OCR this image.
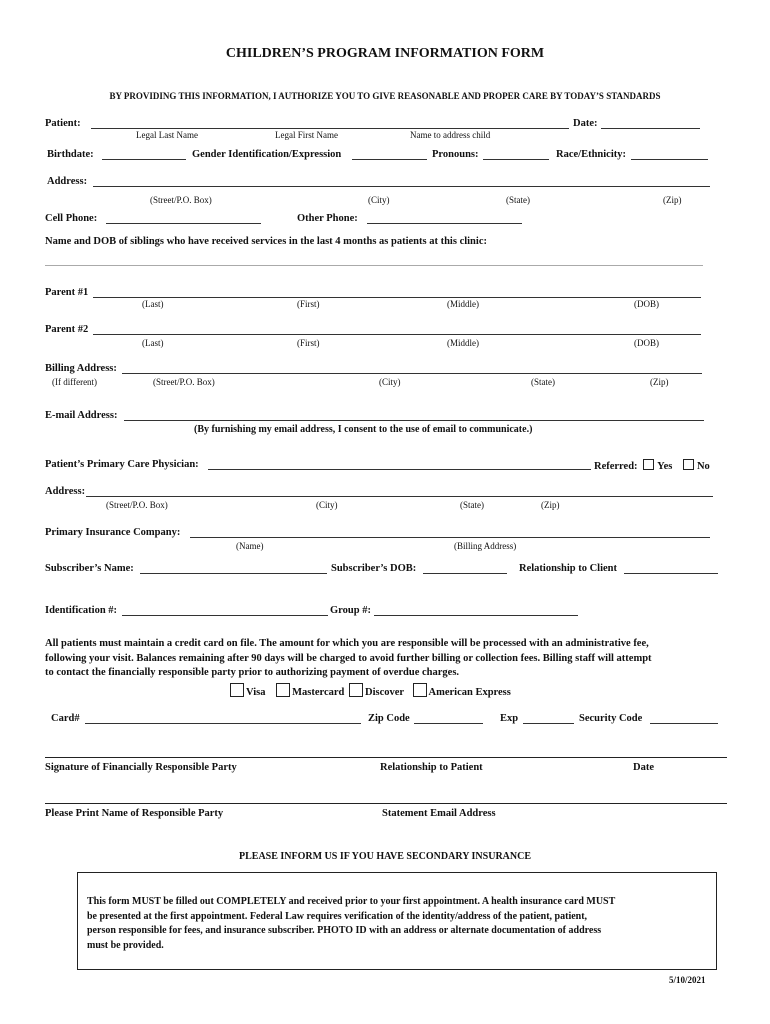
CHILDREN’S PROGRAM INFORMATION FORM
BY PROVIDING THIS INFORMATION, I AUTHORIZE YOU TO GIVE REASONABLE AND PROPER CARE BY TODAY’S STANDARDS
Patient:	Date:
Legal Last Name	Legal First Name	Name to address child
Birthdate:	Gender Identification/Expression	Pronouns:	Race/Ethnicity:
Address:
(Street/P.O. Box)	(City)	(State)	(Zip)
Cell Phone:	Other Phone:
Name and DOB of siblings who have received services in the last 4 months as patients at this clinic:
Parent #1
(Last)	(First)	(Middle)	(DOB)
Parent #2
(Last)	(First)	(Middle)	(DOB)
Billing Address:
(If different)	(Street/P.O. Box)	(City)	(State)	(Zip)
E-mail Address:
(By furnishing my email address, I consent to the use of email to communicate.)
Patient’s Primary Care Physician:	Referred: Yes No
Address:
(Street/P.O. Box)	(City)	(State)	(Zip)
Primary Insurance Company:
(Name)	(Billing Address)
Subscriber’s Name:	Subscriber’s DOB:	Relationship to Client
Identification #:	Group #:
All patients must maintain a credit card on file. The amount for which you are responsible will be processed with an administrative fee,
following your visit. Balances remaining after 90 days will be charged to avoid further billing or collection fees. Billing staff will attempt
to contact the financially responsible party prior to authorizing payment of overdue charges.
Visa	Mastercard Discover American Express
Card#	Zip Code	Exp	Security Code
Signature of Financially Responsible Party	Relationship to Patient	Date
Please Print Name of Responsible Party	Statement Email Address
PLEASE INFORM US IF YOU HAVE SECONDARY INSURANCE
This form MUST be filled out COMPLETELY and received prior to your first appointment. A health insurance card MUST
be presented at the first appointment. Federal Law requires verification of the identity/address of the patient, patient,
person responsible for fees, and insurance subscriber. PHOTO ID with an address or alternate documentation of address
must be provided.
5/10/2021
